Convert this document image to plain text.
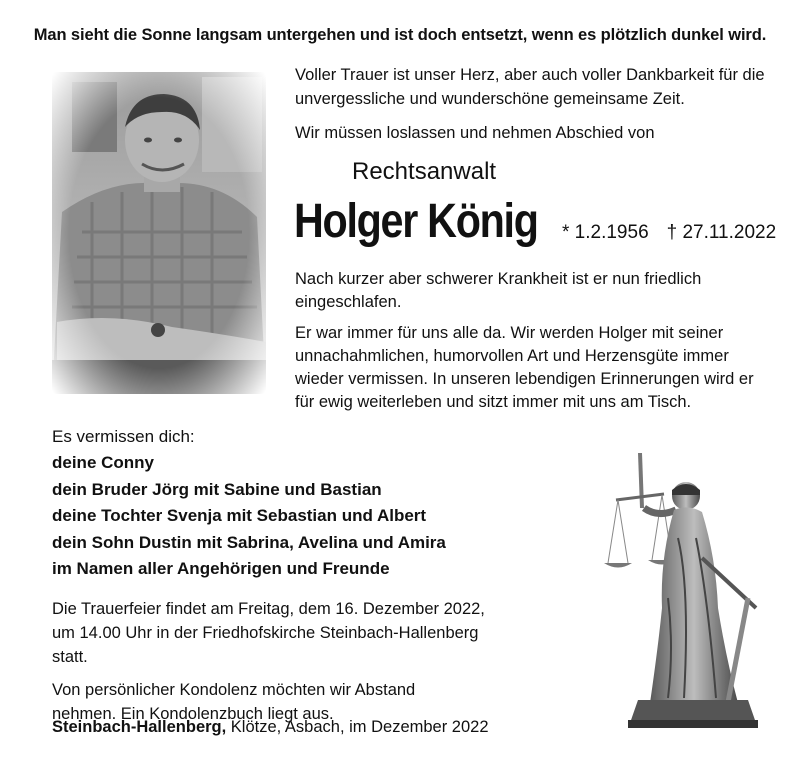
Man sieht die Sonne langsam untergehen und ist doch entsetzt, wenn es plötzlich dunkel wird.

Voller Trauer ist unser Herz, aber auch voller Dankbarkeit für die unvergessliche und wunderschöne gemeinsame Zeit.

Wir müssen loslassen und nehmen Abschied von

Rechtsanwalt
Holger König * 1.2.1956 † 27.11.2022

Nach kurzer aber schwerer Krankheit ist er nun friedlich eingeschlafen.

Er war immer für uns alle da. Wir werden Holger mit seiner unnachahmlichen, humorvollen Art und Herzensgüte immer wieder vermissen. In unseren lebendigen Erinnerungen wird er für ewig weiterleben und sitzt immer mit uns am Tisch.

Es vermissen dich:
deine Conny
dein Bruder Jörg mit Sabine und Bastian
deine Tochter Svenja mit Sebastian und Albert
dein Sohn Dustin mit Sabrina, Avelina und Amira
im Namen aller Angehörigen und Freunde

Die Trauerfeier findet am Freitag, dem 16. Dezember 2022, um 14.00 Uhr in der Friedhofskirche Steinbach-Hallenberg statt.

Von persönlicher Kondolenz möchten wir Abstand nehmen. Ein Kondolenzbuch liegt aus.

Steinbach-Hallenberg, Klötze, Asbach, im Dezember 2022
